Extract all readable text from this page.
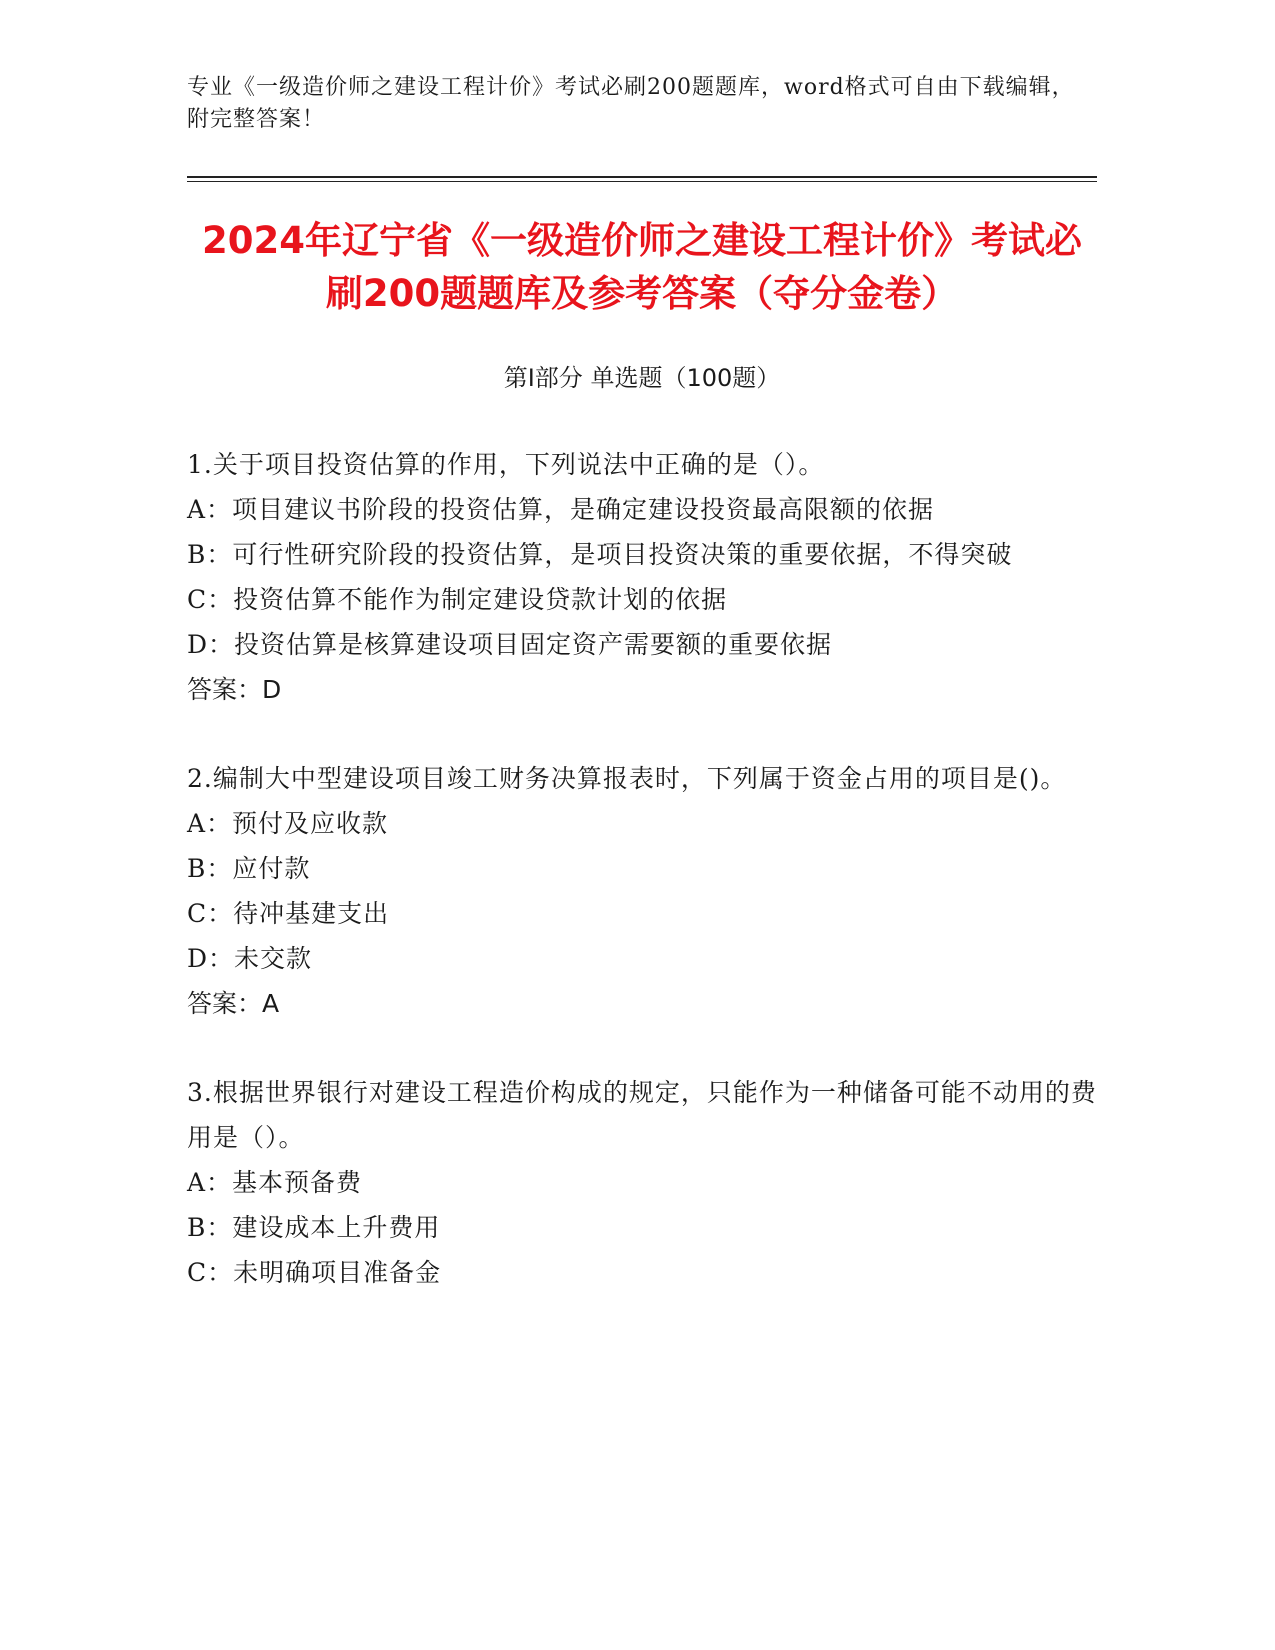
专业《一级造价师之建设工程计价》考试必刷200题题库，word格式可自由下载编辑，附完整答案！
2024年辽宁省《一级造价师之建设工程计价》考试必刷200题题库及参考答案（夺分金卷）
第Ⅰ部分 单选题（100题）
1.关于项目投资估算的作用，下列说法中正确的是（）。
A：项目建议书阶段的投资估算，是确定建设投资最高限额的依据
B：可行性研究阶段的投资估算，是项目投资决策的重要依据，不得突破
C：投资估算不能作为制定建设贷款计划的依据
D：投资估算是核算建设项目固定资产需要额的重要依据
答案：D
2.编制大中型建设项目竣工财务决算报表时，下列属于资金占用的项目是()。
A：预付及应收款
B：应付款
C：待冲基建支出
D：未交款
答案：A
3.根据世界银行对建设工程造价构成的规定，只能作为一种储备可能不动用的费用是（）。
A：基本预备费
B：建设成本上升费用
C：未明确项目准备金
